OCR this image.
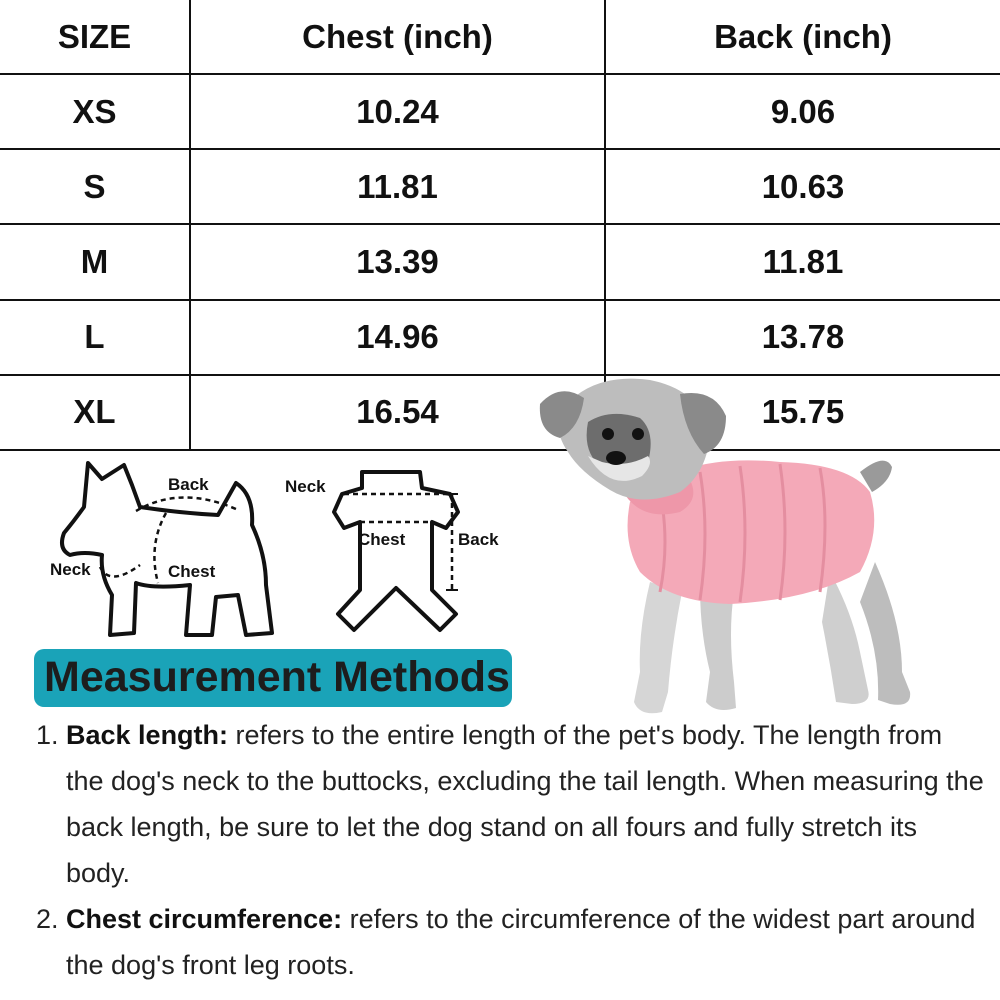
SIZE	Chest (inch)	Back (inch)
XS	10.24	9.06
S	11.81	10.63
M	13.39	11.81
L	14.96	13.78
XL	16.54	15.75
Back
Neck	Chest
Neck
Chest	Back
Measurement Methods
1. Back length: refers to the entire length of the pet's body. The length from the dog's neck to the buttocks, excluding the tail length. When measuring the back length, be sure to let the dog stand on all fours and fully stretch its body.
2. Chest circumference: refers to the circumference of the widest part around the dog's front leg roots.
